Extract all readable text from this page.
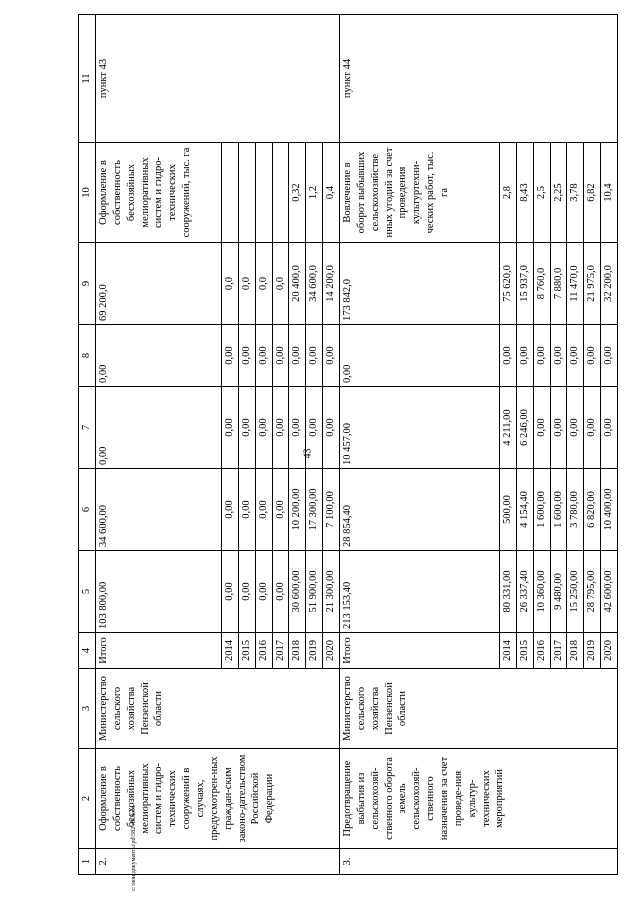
43
c:\мои документы\pd\582-пп.docx
1	2	3	4	5	6	7	8	9	10	11
2.	Оформление в собственность бесхозяйных мелиоративных систем и гидро-технических сооружений в случаях, предусмотрен-ных граждан-ским законо-дательством Российской Федерации	Министерство сельского хозяйства Пензенской области	Итого	103 800,00	34 600,00	0,00	0,00	69 200,0	Оформление в собственность бесхозяйных мелиоративных систем и гидро-технических сооружений, тыс. га	пункт 43
			2014	0,00	0,00	0,00	0,00	0,0		
			2015	0,00	0,00	0,00	0,00	0,0		
			2016	0,00	0,00	0,00	0,00	0,0		
			2017	0,00	0,00	0,00	0,00	0,0		
			2018	30 600,00	10 200,00	0,00	0,00	20 400,0	0,32	
			2019	51 900,00	17 300,00	0,00	0,00	34 600,0	1,2	
			2020	21 300,00	7 100,00	0,00	0,00	14 200,0	0,4	
3.	Предотвращение выбытия из сельскохозяй-ственного оборота земель сельскохозяй-ственного назначения за счет проведе-ния культур-технических мероприятий	Министерство сельского хозяйства Пензенской области	Итого	213 153,40	28 854,40	10 457,00	0,00	173 842,0	Вовлечение в оборот выбывших сельскохозяйстве нных угодий за счет проведения культуртехни-ческих работ, тыс. га	пункт 44
			2014	80 331,00	500,00	4 211,00	0,00	75 620,0	2,8	
			2015	26 337,40	4 154,40	6 246,00	0,00	15 937,0	8,43	
			2016	10 360,00	1 600,00	0,00	0,00	8 760,0	2,5	
			2017	9 480,00	1 600,00	0,00	0,00	7 880,0	2,25	
			2018	15 250,00	3 780,00	0,00	0,00	11 470,0	3,78	
			2019	28 795,00	6 820,00	0,00	0,00	21 975,0	6,82	
			2020	42 600,00	10 400,00	0,00	0,00	32 200,0	10,4	
